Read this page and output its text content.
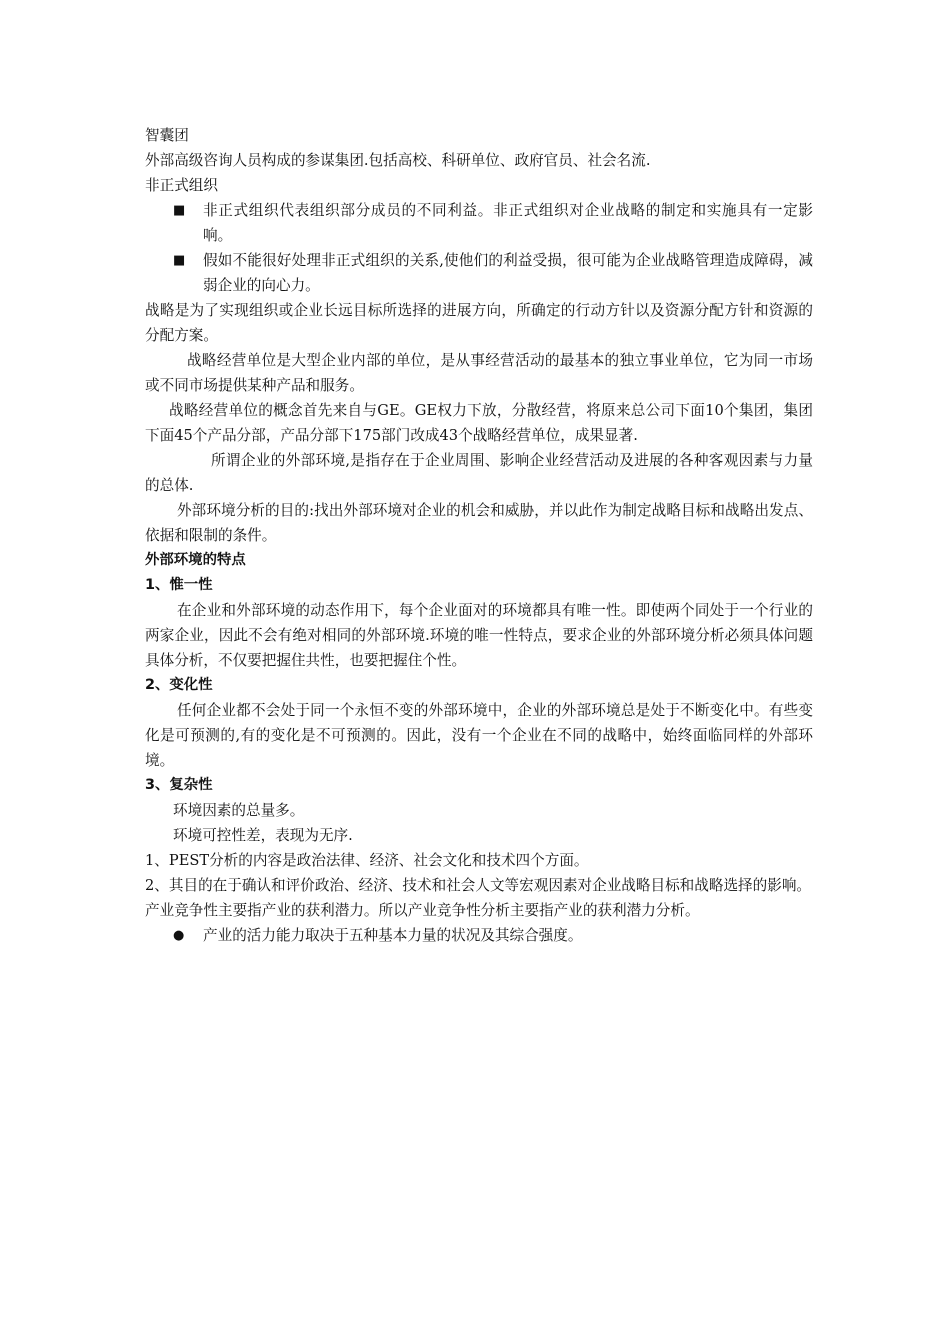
智囊团

外部高级咨询人员构成的参谋集团.包括高校、科研单位、政府官员、社会名流.

非正式组织

■ 非正式组织代表组织部分成员的不同利益。非正式组织对企业战略的制定和实施具有一定影响。
■ 假如不能很好处理非正式组织的关系,使他们的利益受损，很可能为企业战略管理造成障碍，减弱企业的向心力。

战略是为了实现组织或企业长远目标所选择的进展方向，所确定的行动方针以及资源分配方针和资源的分配方案。

战略经营单位是大型企业内部的单位，是从事经营活动的最基本的独立事业单位，它为同一市场或不同市场提供某种产品和服务。

战略经营单位的概念首先来自与GE。GE权力下放，分散经营，将原来总公司下面10个集团，集团下面45个产品分部，产品分部下175部门改成43个战略经营单位，成果显著.

所谓企业的外部环境,是指存在于企业周围、影响企业经营活动及进展的各种客观因素与力量的总体.

外部环境分析的目的:找出外部环境对企业的机会和威胁，并以此作为制定战略目标和战略出发点、依据和限制的条件。

外部环境的特点

1、惟一性

在企业和外部环境的动态作用下，每个企业面对的环境都具有唯一性。即使两个同处于一个行业的两家企业，因此不会有绝对相同的外部环境.环境的唯一性特点，要求企业的外部环境分析必须具体问题具体分析，不仅要把握住共性，也要把握住个性。

2、变化性

任何企业都不会处于同一个永恒不变的外部环境中，企业的外部环境总是处于不断变化中。有些变化是可预测的,有的变化是不可预测的。因此，没有一个企业在不同的战略中，始终面临同样的外部环境。

3、复杂性

环境因素的总量多。

环境可控性差，表现为无序.

1、PEST分析的内容是政治法律、经济、社会文化和技术四个方面。

2、其目的在于确认和评价政治、经济、技术和社会人文等宏观因素对企业战略目标和战略选择的影响。

产业竞争性主要指产业的获利潜力。所以产业竞争性分析主要指产业的获利潜力分析。

● 产业的活力能力取决于五种基本力量的状况及其综合强度。
